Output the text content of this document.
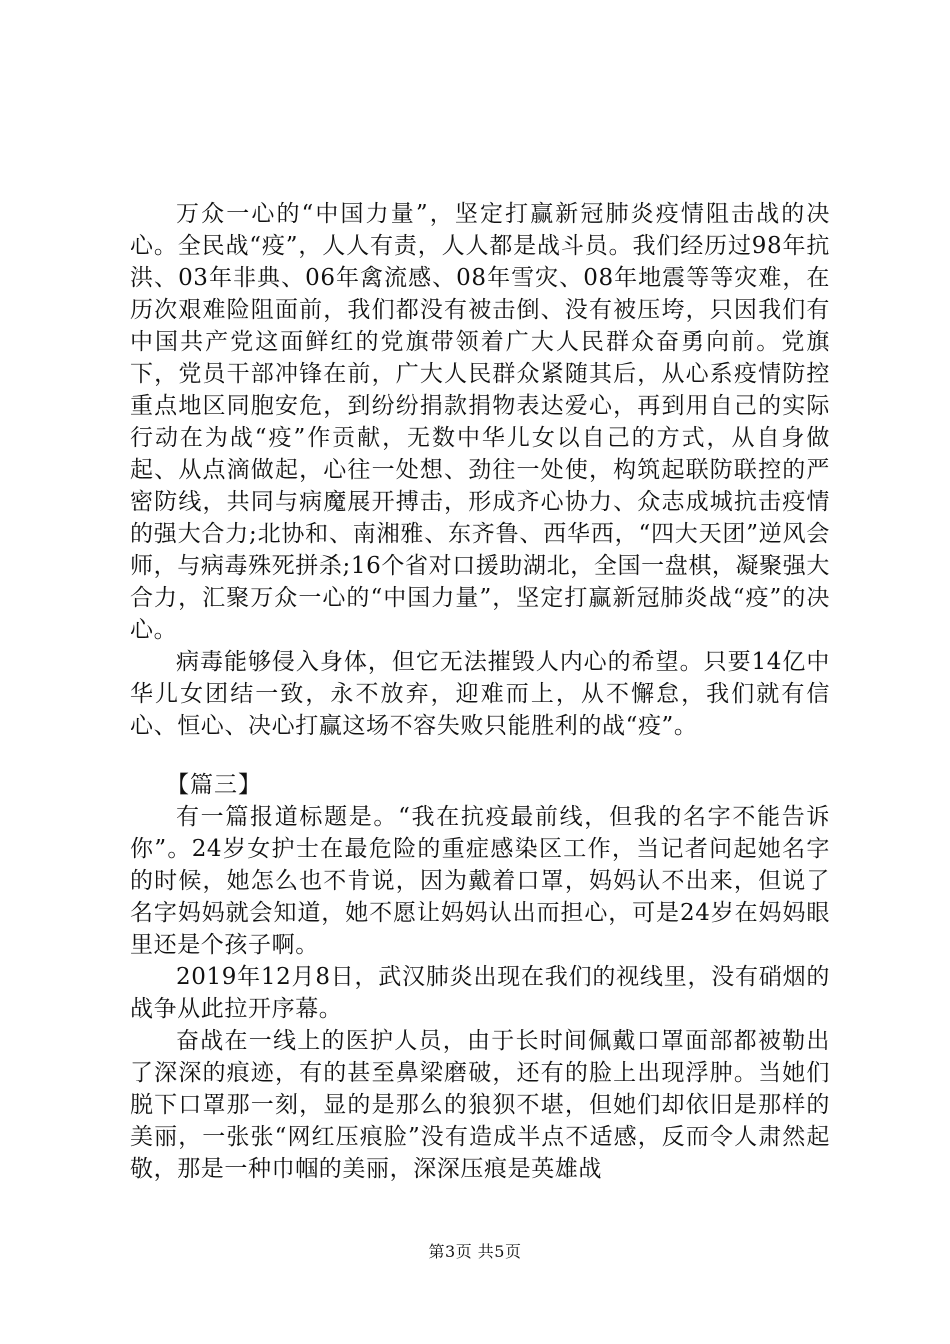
万众一心的“中国力量”，坚定打赢新冠肺炎疫情阻击战的决心。全民战“疫”，人人有责，人人都是战斗员。我们经历过98年抗洪、03年非典、06年禽流感、08年雪灾、08年地震等等灾难，在历次艰难险阻面前，我们都没有被击倒、没有被压垮，只因我们有中国共产党这面鲜红的党旗带领着广大人民群众奋勇向前。党旗下，党员干部冲锋在前，广大人民群众紧随其后，从心系疫情防控重点地区同胞安危，到纷纷捐款捐物表达爱心，再到用自己的实际行动在为战“疫”作贡献，无数中华儿女以自己的方式，从自身做起、从点滴做起，心往一处想、劲往一处使，构筑起联防联控的严密防线，共同与病魔展开搏击，形成齐心协力、众志成城抗击疫情的强大合力;北协和、南湘雅、东齐鲁、西华西，“四大天团”逆风会师，与病毒殊死拼杀;16个省对口援助湖北，全国一盘棋，凝聚强大合力，汇聚万众一心的“中国力量”，坚定打赢新冠肺炎战“疫”的决心。

病毒能够侵入身体，但它无法摧毁人内心的希望。只要14亿中华儿女团结一致，永不放弃，迎难而上，从不懈怠，我们就有信心、恒心、决心打赢这场不容失败只能胜利的战“疫”。

【篇三】

有一篇报道标题是。“我在抗疫最前线，但我的名字不能告诉你”。24岁女护士在最危险的重症感染区工作，当记者问起她名字的时候，她怎么也不肯说，因为戴着口罩，妈妈认不出来，但说了名字妈妈就会知道，她不愿让妈妈认出而担心，可是24岁在妈妈眼里还是个孩子啊。

2019年12月8日，武汉肺炎出现在我们的视线里，没有硝烟的战争从此拉开序幕。

奋战在一线上的医护人员，由于长时间佩戴口罩面部都被勒出了深深的痕迹，有的甚至鼻梁磨破，还有的脸上出现浮肿。当她们脱下口罩那一刻，显的是那么的狼狈不堪，但她们却依旧是那样的美丽，一张张“网红压痕脸”没有造成半点不适感，反而令人肃然起敬，那是一种巾帼的美丽，深深压痕是英雄战

第3页 共5页
